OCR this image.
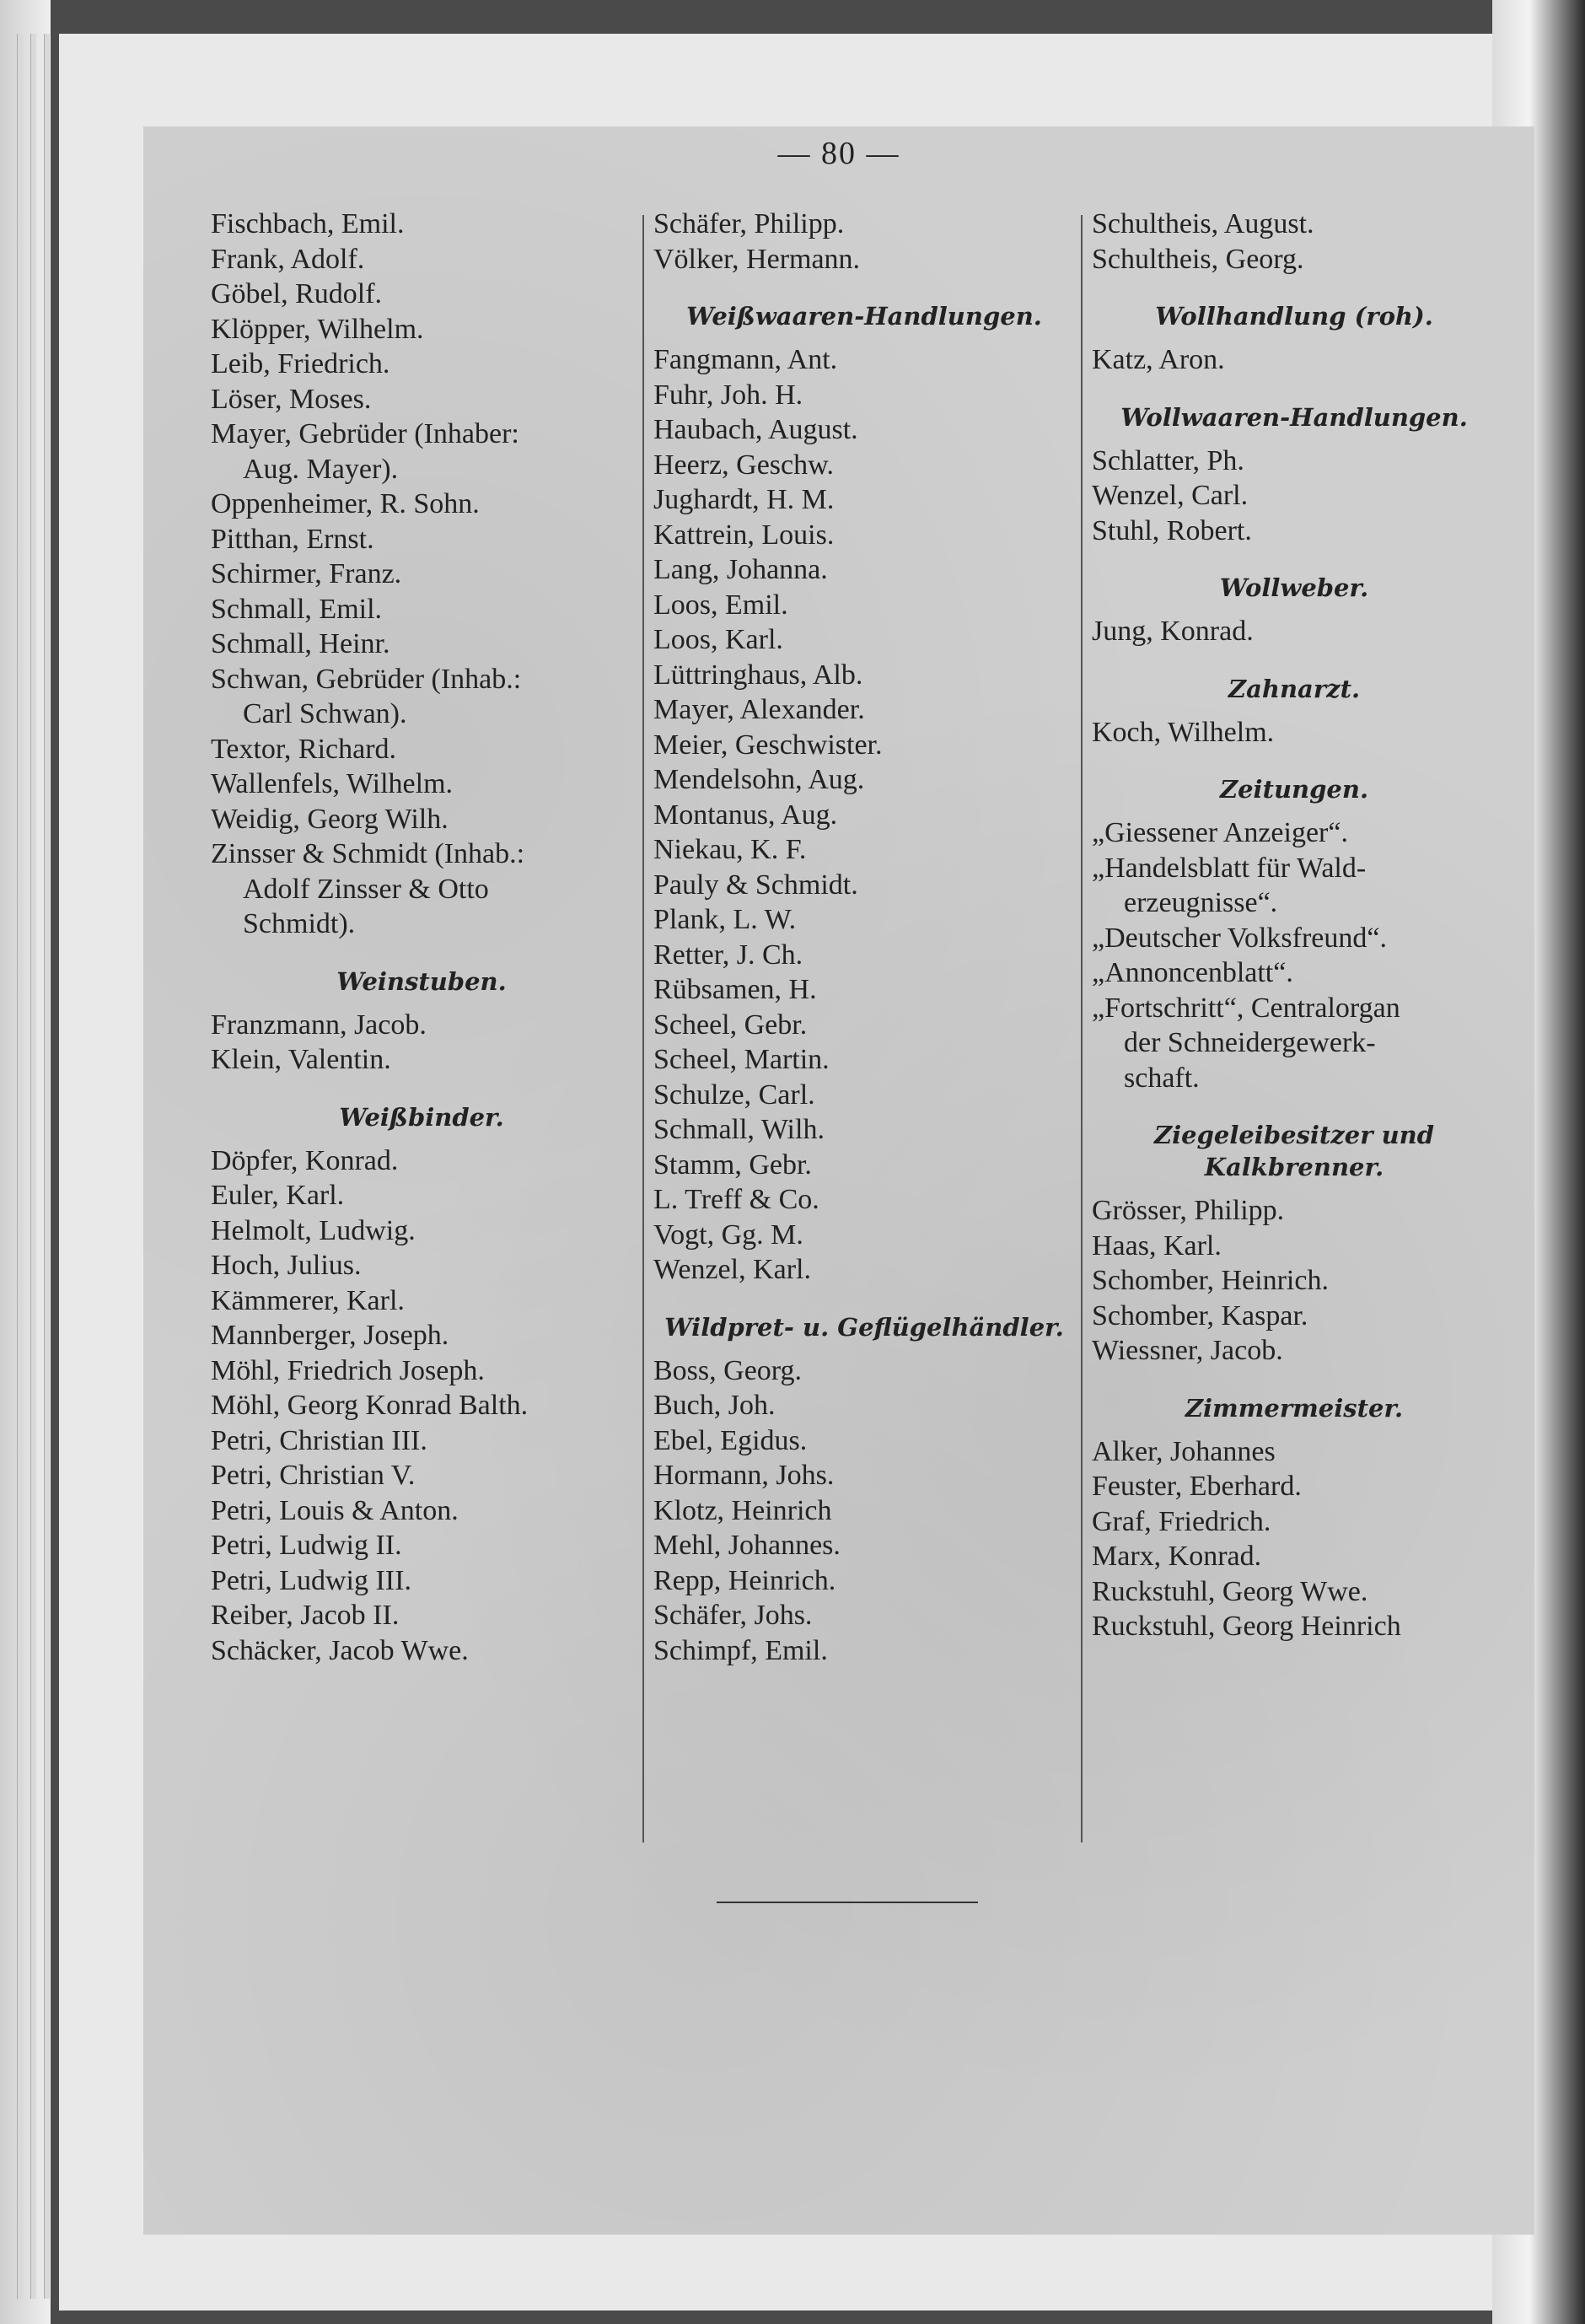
— 80 —
Fischbach, Emil.
Frank, Adolf.
Göbel, Rudolf.
Klöpper, Wilhelm.
Leib, Friedrich.
Löser, Moses.
Mayer, Gebrüder (Inhaber:
Aug. Mayer).
Oppenheimer, R. Sohn.
Pitthan, Ernst.
Schirmer, Franz.
Schmall, Emil.
Schmall, Heinr.
Schwan, Gebrüder (Inhab.:
Carl Schwan).
Textor, Richard.
Wallenfels, Wilhelm.
Weidig, Georg Wilh.
Zinsser & Schmidt (Inhab.:
Adolf Zinsser & Otto
Schmidt).
Weinstuben.
Franzmann, Jacob.
Klein, Valentin.
Weißbinder.
Döpfer, Konrad.
Euler, Karl.
Helmolt, Ludwig.
Hoch, Julius.
Kämmerer, Karl.
Mannberger, Joseph.
Möhl, Friedrich Joseph.
Möhl, Georg Konrad Balth.
Petri, Christian III.
Petri, Christian V.
Petri, Louis & Anton.
Petri, Ludwig II.
Petri, Ludwig III.
Reiber, Jacob II.
Schäcker, Jacob Wwe.
Schäfer, Philipp.
Völker, Hermann.
Weißwaaren-Handlungen.
Fangmann, Ant.
Fuhr, Joh. H.
Haubach, August.
Heerz, Geschw.
Jughardt, H. M.
Kattrein, Louis.
Lang, Johanna.
Loos, Emil.
Loos, Karl.
Lüttringhaus, Alb.
Mayer, Alexander.
Meier, Geschwister.
Mendelsohn, Aug.
Montanus, Aug.
Niekau, K. F.
Pauly & Schmidt.
Plank, L. W.
Retter, J. Ch.
Rübsamen, H.
Scheel, Gebr.
Scheel, Martin.
Schulze, Carl.
Schmall, Wilh.
Stamm, Gebr.
L. Treff & Co.
Vogt, Gg. M.
Wenzel, Karl.
Wildpret- u. Geflügelhändler.
Boss, Georg.
Buch, Joh.
Ebel, Egidus.
Hormann, Johs.
Klotz, Heinrich
Mehl, Johannes.
Repp, Heinrich.
Schäfer, Johs.
Schimpf, Emil.
Schultheis, August.
Schultheis, Georg.
Wollhandlung (roh).
Katz, Aron.
Wollwaaren-Handlungen.
Schlatter, Ph.
Wenzel, Carl.
Stuhl, Robert.
Wollweber.
Jung, Konrad.
Zahnarzt.
Koch, Wilhelm.
Zeitungen.
„Giessener Anzeiger“.
„Handelsblatt für Wald-
erzeugnisse“.
„Deutscher Volksfreund“.
„Annoncenblatt“.
„Fortschritt“, Centralorgan
der Schneidergewerk-
schaft.
Ziegeleibesitzer und Kalkbrenner.
Grösser, Philipp.
Haas, Karl.
Schomber, Heinrich.
Schomber, Kaspar.
Wiessner, Jacob.
Zimmermeister.
Alker, Johannes
Feuster, Eberhard.
Graf, Friedrich.
Marx, Konrad.
Ruckstuhl, Georg Wwe.
Ruckstuhl, Georg Heinrich
